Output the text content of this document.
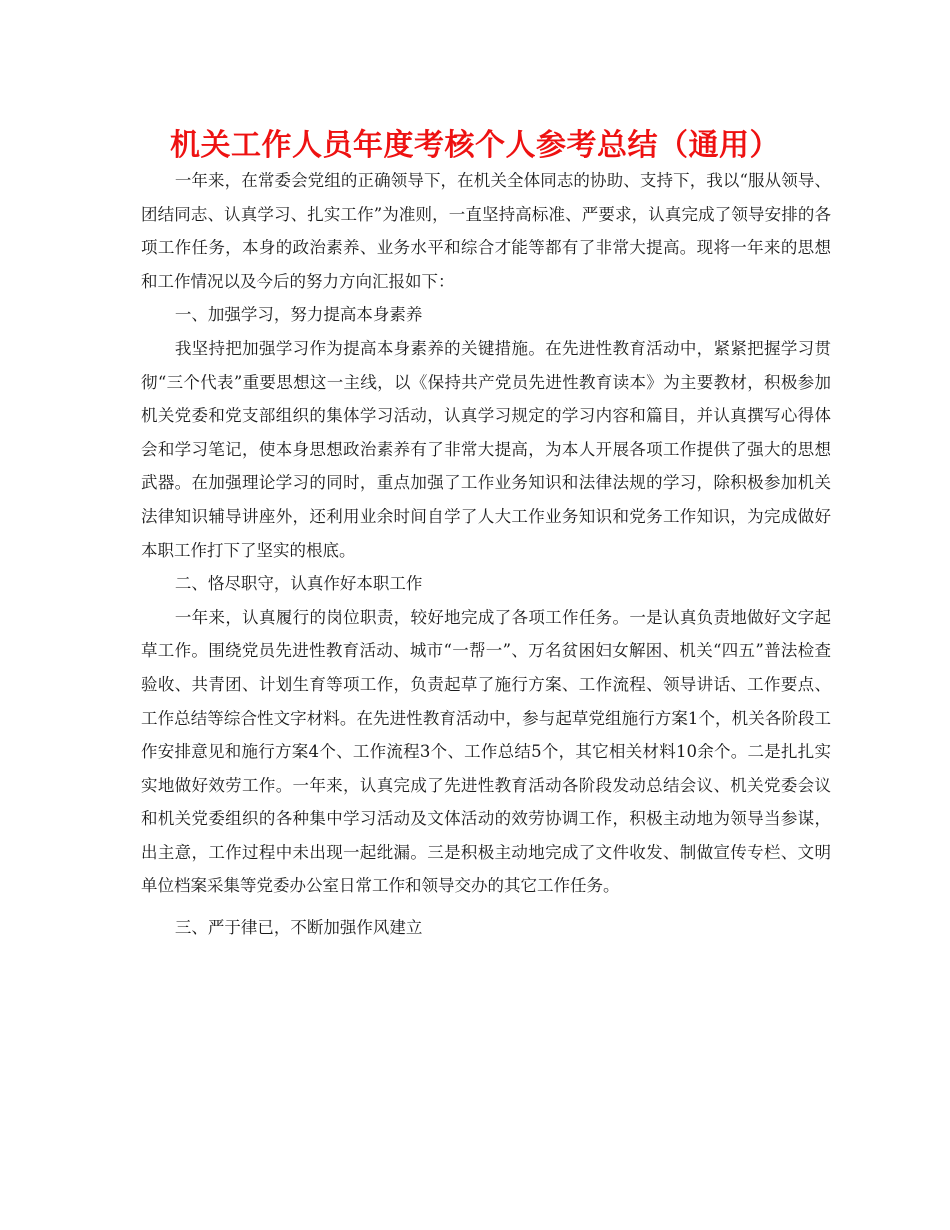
机关工作人员年度考核个人参考总结（通用）

一年来，在常委会党组的正确领导下，在机关全体同志的协助、支持下，我以“服从领导、团结同志、认真学习、扎实工作”为准则，一直坚持高标准、严要求，认真完成了领导安排的各项工作任务，本身的政治素养、业务水平和综合才能等都有了非常大提高。现将一年来的思想和工作情况以及今后的努力方向汇报如下：

一、加强学习，努力提高本身素养

我坚持把加强学习作为提高本身素养的关键措施。在先进性教育活动中，紧紧把握学习贯彻“三个代表”重要思想这一主线，以《保持共产党员先进性教育读本》为主要教材，积极参加机关党委和党支部组织的集体学习活动，认真学习规定的学习内容和篇目，并认真撰写心得体会和学习笔记，使本身思想政治素养有了非常大提高，为本人开展各项工作提供了强大的思想武器。在加强理论学习的同时，重点加强了工作业务知识和法律法规的学习，除积极参加机关法律知识辅导讲座外，还利用业余时间自学了人大工作业务知识和党务工作知识，为完成做好本职工作打下了坚实的根底。

二、恪尽职守，认真作好本职工作

一年来，认真履行的岗位职责，较好地完成了各项工作任务。一是认真负责地做好文字起草工作。围绕党员先进性教育活动、城市“一帮一”、万名贫困妇女解困、机关“四五”普法检查验收、共青团、计划生育等项工作，负责起草了施行方案、工作流程、领导讲话、工作要点、工作总结等综合性文字材料。在先进性教育活动中，参与起草党组施行方案1个，机关各阶段工作安排意见和施行方案4个、工作流程3个、工作总结5个，其它相关材料10余个。二是扎扎实实地做好效劳工作。一年来，认真完成了先进性教育活动各阶段发动总结会议、机关党委会议和机关党委组织的各种集中学习活动及文体活动的效劳协调工作，积极主动地为领导当参谋，出主意，工作过程中未出现一起纰漏。三是积极主动地完成了文件收发、制做宣传专栏、文明单位档案采集等党委办公室日常工作和领导交办的其它工作任务。

三、严于律已，不断加强作风建立
